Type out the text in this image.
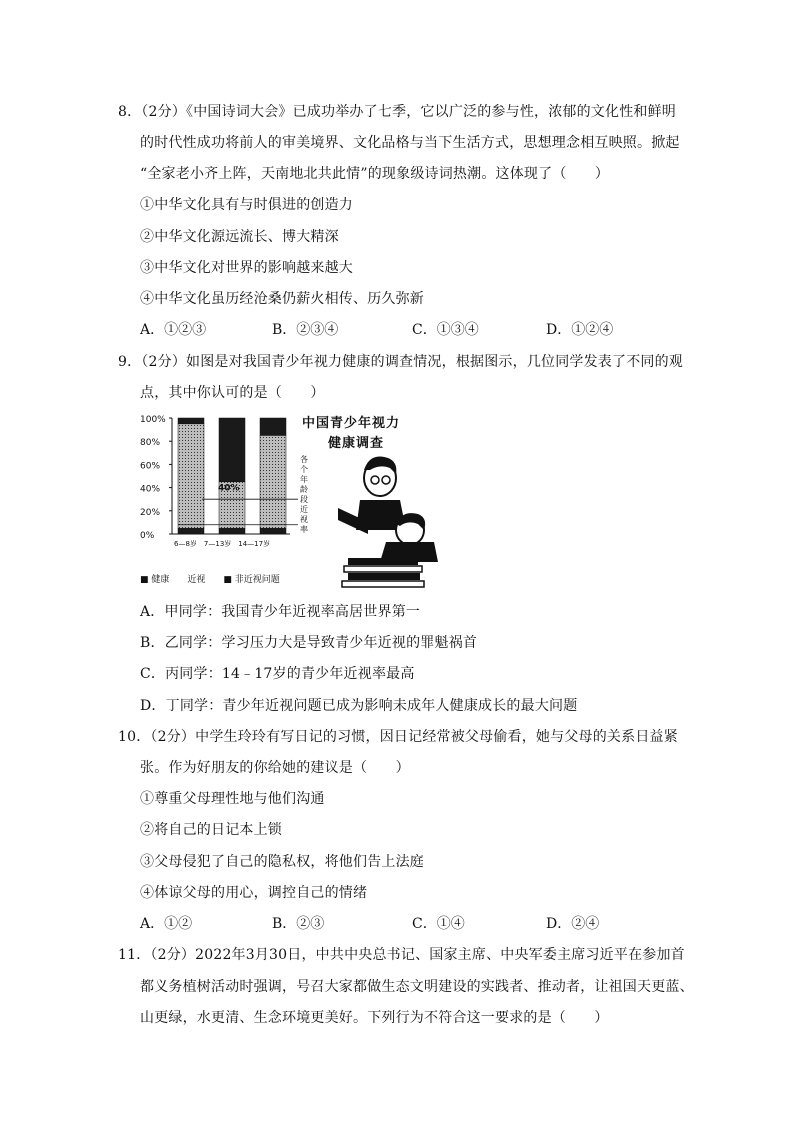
8．（2分）《中国诗词大会》已成功举办了七季，它以广泛的参与性，浓郁的文化性和鲜明
的时代性成功将前人的审美境界、文化品格与当下生活方式，思想理念相互映照。掀起
“全家老小齐上阵，天南地北共此情”的现象级诗词热潮。这体现了（　　）
①中华文化具有与时俱进的创造力
②中华文化源远流长、博大精深
③中华文化对世界的影响越来越大
④中华文化虽历经沧桑仍薪火相传、历久弥新
A．①②③	B．②③④	C．①③④	D．①②④
9．（2分）如图是对我国青少年视力健康的调查情况，根据图示，几位同学发表了不同的观
点，其中你认可的是（　　）
100%
80%
60%
40%
20%
0%
6—8岁　7—13岁　14—17岁
40%
各
个
年
龄
段
近
视
率
■ 健康　　近视　　■ 非近视问题
中国青少年视力
健康调查
A．甲同学：我国青少年近视率高居世界第一
B．乙同学：学习压力大是导致青少年近视的罪魁祸首
C．丙同学：14﹣17岁的青少年近视率最高
D．丁同学：青少年近视问题已成为影响未成年人健康成长的最大问题
10．（2分）中学生玲玲有写日记的习惯，因日记经常被父母偷看，她与父母的关系日益紧
张。作为好朋友的你给她的建议是（　　）
①尊重父母理性地与他们沟通
②将自己的日记本上锁
③父母侵犯了自己的隐私权，将他们告上法庭
④体谅父母的用心，调控自己的情绪
A．①②	B．②③	C．①④	D．②④
11．（2分）2022年3月30日，中共中央总书记、国家主席、中央军委主席习近平在参加首
都义务植树活动时强调，号召大家都做生态文明建设的实践者、推动者，让祖国天更蓝、
山更绿，水更清、生念环境更美好。下列行为不符合这一要求的是（　　）
